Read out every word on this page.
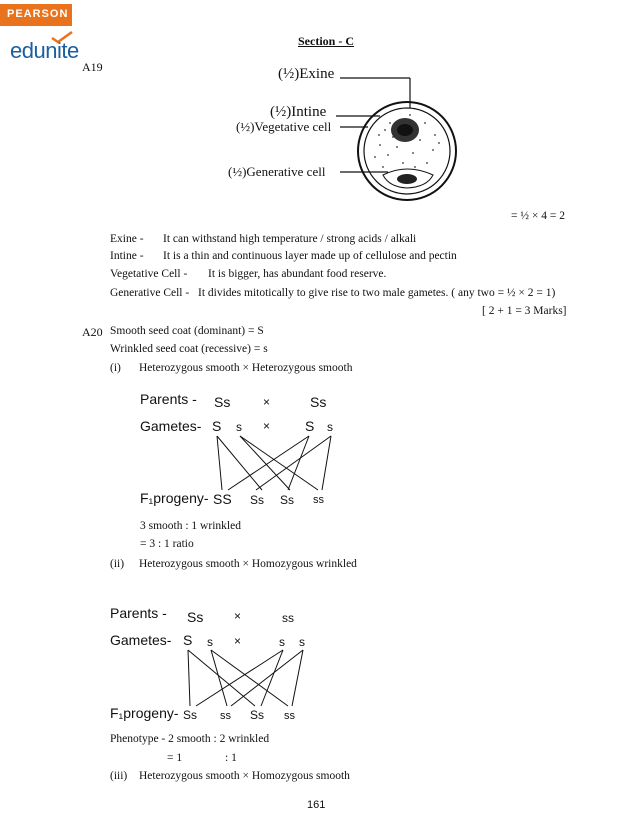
PEARSON
edunite	Section - C
A19	(½)Exine
(½)Intine
(½)Vegetative cell
(½)Generative cell
= ½ × 4 = 2
Exine - It can withstand high temperature / strong acids / alkali
Intine - It is a thin and continuous layer made up of cellulose and pectin
Vegetative Cell - It is bigger, has abundant food reserve.
Generative Cell - It divides mitotically to give rise to two male gametes. ( any two = ½ × 2 = 1)
[ 2 + 1 = 3 Marks]
A20 Smooth seed coat (dominant) = S
Wrinkled seed coat (recessive) = s
(i) Heterozygous smooth × Heterozygous smooth
Parents - Ss	×	Ss
Gametes- S s × S s
F₁progeny- SS Ss Ss ss
3 smooth : 1 wrinkled
= 3 : 1 ratio
(ii) Heterozygous smooth × Homozygous wrinkled
Parents - Ss	×	ss
Gametes- S s ×	s s
F₁progeny- Ss ss Ss ss
Phenotype - 2 smooth : 2 wrinkled
= 1	: 1
(iii) Heterozygous smooth × Homozygous smooth
161
